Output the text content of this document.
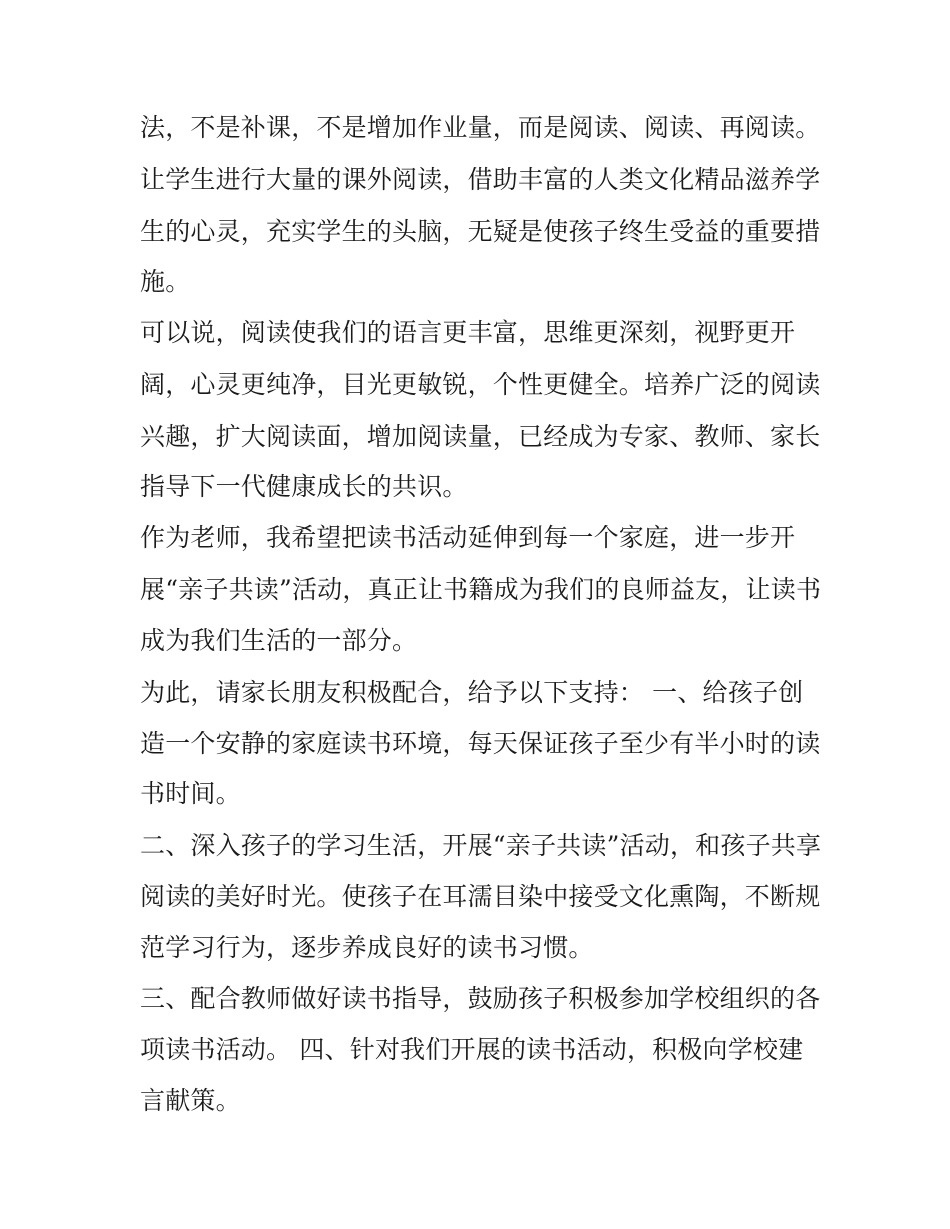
法，不是补课，不是增加作业量，而是阅读、阅读、再阅读。
让学生进行大量的课外阅读，借助丰富的人类文化精品滋养学
生的心灵，充实学生的头脑，无疑是使孩子终生受益的重要措
施。
可以说，阅读使我们的语言更丰富，思维更深刻，视野更开
阔，心灵更纯净，目光更敏锐，个性更健全。培养广泛的阅读
兴趣，扩大阅读面，增加阅读量，已经成为专家、教师、家长
指导下一代健康成长的共识。
作为老师，我希望把读书活动延伸到每一个家庭，进一步开
展“亲子共读”活动，真正让书籍成为我们的良师益友，让读书
成为我们生活的一部分。
为此，请家长朋友积极配合，给予以下支持： 一、给孩子创
造一个安静的家庭读书环境，每天保证孩子至少有半小时的读
书时间。
二、深入孩子的学习生活，开展“亲子共读”活动，和孩子共享
阅读的美好时光。使孩子在耳濡目染中接受文化熏陶，不断规
范学习行为，逐步养成良好的读书习惯。
三、配合教师做好读书指导，鼓励孩子积极参加学校组织的各
项读书活动。 四、针对我们开展的读书活动，积极向学校建
言献策。
